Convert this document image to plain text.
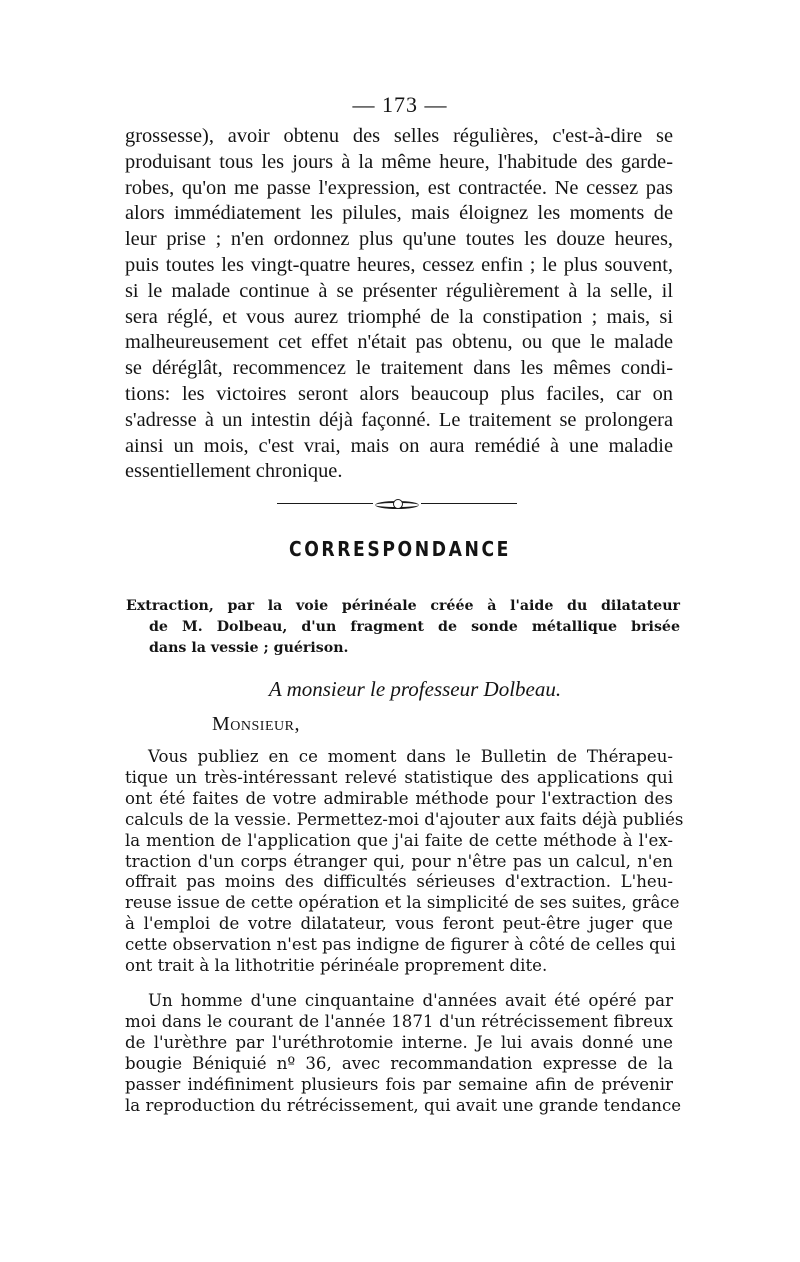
— 173 —
grossesse), avoir obtenu des selles régulières, c'est-à-dire se
produisant tous les jours à la même heure, l'habitude des garde-
robes, qu'on me passe l'expression, est contractée. Ne cessez pas
alors immédiatement les pilules, mais éloignez les moments de
leur prise ; n'en ordonnez plus qu'une toutes les douze heures,
puis toutes les vingt-quatre heures, cessez enfin ; le plus souvent,
si le malade continue à se présenter régulièrement à la selle, il
sera réglé, et vous aurez triomphé de la constipation ; mais, si
malheureusement cet effet n'était pas obtenu, ou que le malade
se déréglât, recommencez le traitement dans les mêmes condi-
tions: les victoires seront alors beaucoup plus faciles, car on
s'adresse à un intestin déjà façonné. Le traitement se prolongera
ainsi un mois, c'est vrai, mais on aura remédié à une maladie
essentiellement chronique.
CORRESPONDANCE
Extraction, par la voie périnéale créée à l'aide du dilatateur
de M. Dolbeau, d'un fragment de sonde métallique brisée
dans la vessie ; guérison.
A monsieur le professeur Dolbeau.
Monsieur,
Vous publiez en ce moment dans le Bulletin de Thérapeu-
tique un très-intéressant relevé statistique des applications qui
ont été faites de votre admirable méthode pour l'extraction des
calculs de la vessie. Permettez-moi d'ajouter aux faits déjà publiés
la mention de l'application que j'ai faite de cette méthode à l'ex-
traction d'un corps étranger qui, pour n'être pas un calcul, n'en
offrait pas moins des difficultés sérieuses d'extraction. L'heu-
reuse issue de cette opération et la simplicité de ses suites, grâce
à l'emploi de votre dilatateur, vous feront peut-être juger que
cette observation n'est pas indigne de figurer à côté de celles qui
ont trait à la lithotritie périnéale proprement dite.
Un homme d'une cinquantaine d'années avait été opéré par
moi dans le courant de l'année 1871 d'un rétrécissement fibreux
de l'urèthre par l'uréthrotomie interne. Je lui avais donné une
bougie Béniquié nº 36, avec recommandation expresse de la
passer indéfiniment plusieurs fois par semaine afin de prévenir
la reproduction du rétrécissement, qui avait une grande tendance
